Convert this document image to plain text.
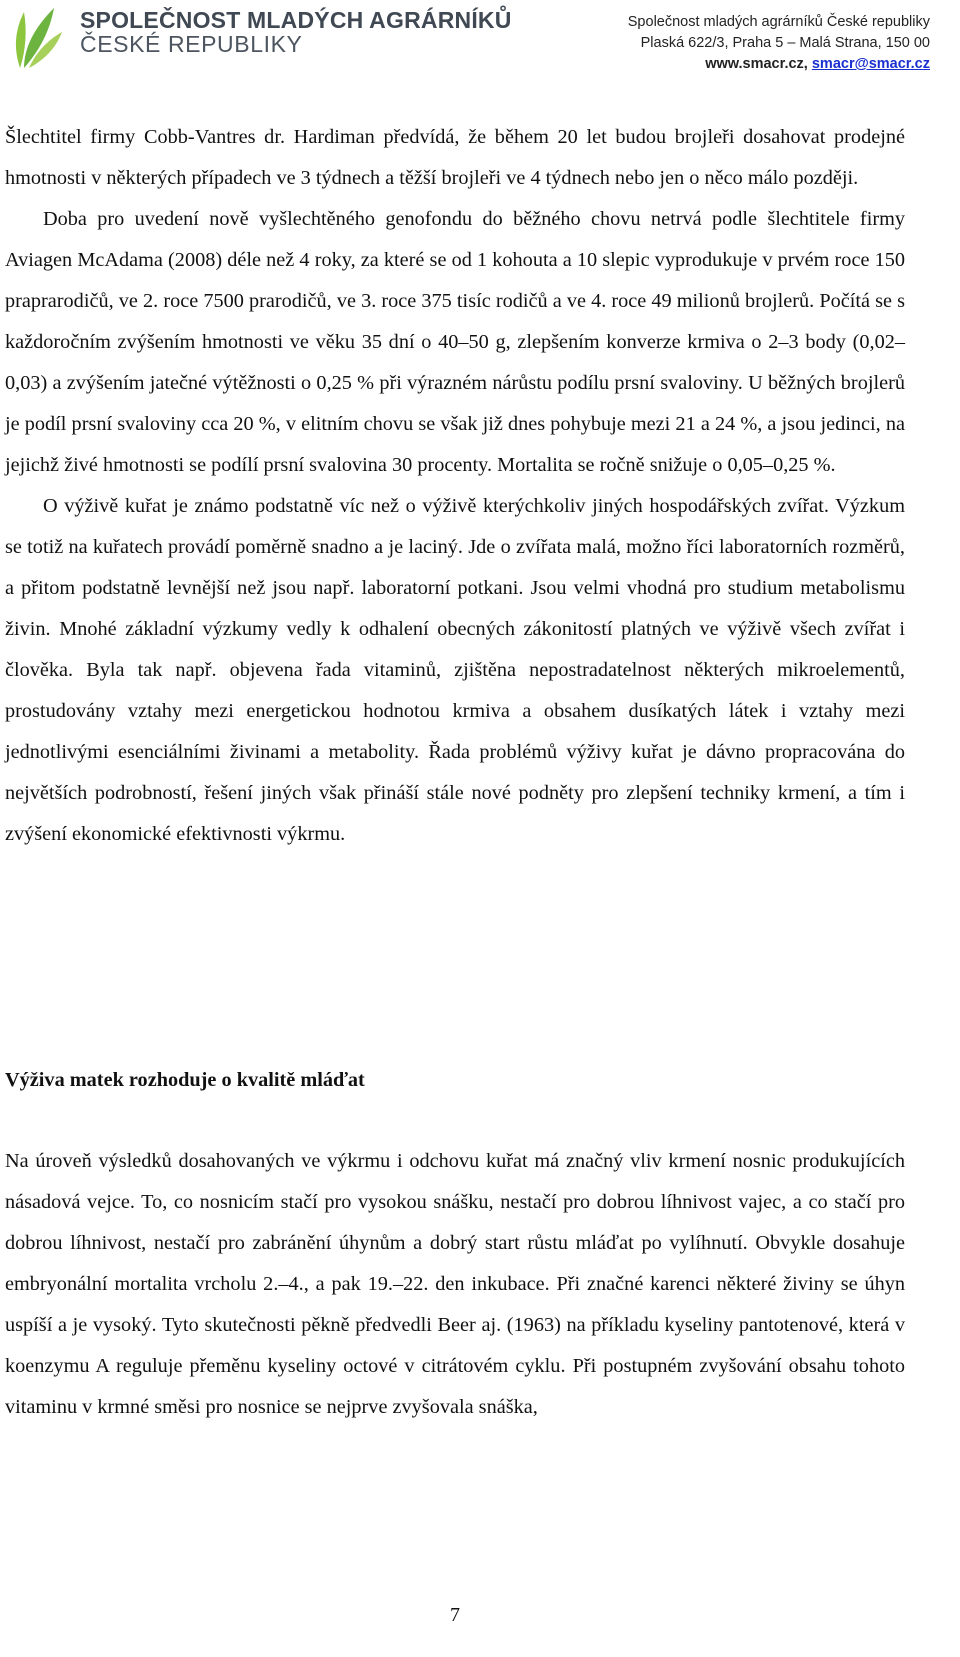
SPOLEČNOST MLADÝCH AGRÁRNÍKŮ
ČESKÉ REPUBLIKY
Společnost mladých agrárníků České republiky
Plaská 622/3, Praha 5 – Malá Strana, 150 00
www.smacr.cz, smacr@smacr.cz

Šlechtitel firmy Cobb-Vantres dr. Hardiman předvídá, že během 20 let budou brojleři dosahovat prodejné hmotnosti v některých případech ve 3 týdnech a těžší brojleři ve 4 týdnech nebo jen o něco málo později.

Doba pro uvedení nově vyšlechtěného genofondu do běžného chovu netrvá podle šlechtitele firmy Aviagen McAdama (2008) déle než 4 roky, za které se od 1 kohouta a 10 slepic vyprodukuje v prvém roce 150 praprarodičů, ve 2. roce 7500 prarodičů, ve 3. roce 375 tisíc rodičů a ve 4. roce 49 milionů brojlerů. Počítá se s každoročním zvýšením hmotnosti ve věku 35 dní o 40–50 g, zlepšením konverze krmiva o 2–3 body (0,02–0,03) a zvýšením jatečné výtěžnosti o 0,25 % při výrazném nárůstu podílu prsní svaloviny. U běžných brojlerů je podíl prsní svaloviny cca 20 %, v elitním chovu se však již dnes pohybuje mezi 21 a 24 %, a jsou jedinci, na jejichž živé hmotnosti se podílí prsní svalovina 30 procenty. Mortalita se ročně snižuje o 0,05–0,25 %.

O výživě kuřat je známo podstatně víc než o výživě kterýchkoliv jiných hospodářských zvířat. Výzkum se totiž na kuřatech provádí poměrně snadno a je laciný. Jde o zvířata malá, možno říci laboratorních rozměrů, a přitom podstatně levnější než jsou např. laboratorní potkani. Jsou velmi vhodná pro studium metabolismu živin. Mnohé základní výzkumy vedly k odhalení obecných zákonitostí platných ve výživě všech zvířat i člověka. Byla tak např. objevena řada vitaminů, zjištěna nepostradatelnost některých mikroelementů, prostudovány vztahy mezi energetickou hodnotou krmiva a obsahem dusíkatých látek i vztahy mezi jednotlivými esenciálními živinami a metabolity. Řada problémů výživy kuřat je dávno propracována do největších podrobností, řešení jiných však přináší stále nové podněty pro zlepšení techniky krmení, a tím i zvýšení ekonomické efektivnosti výkrmu.

Výživa matek rozhoduje o kvalitě mláďat

Na úroveň výsledků dosahovaných ve výkrmu i odchovu kuřat má značný vliv krmení nosnic produkujících násadová vejce. To, co nosnicím stačí pro vysokou snášku, nestačí pro dobrou líhnivost vajec, a co stačí pro dobrou líhnivost, nestačí pro zabránění úhynům a dobrý start růstu mláďat po vylíhnutí. Obvykle dosahuje embryonální mortalita vrcholu 2.–4., a pak 19.–22. den inkubace. Při značné karenci některé živiny se úhyn uspíší a je vysoký. Tyto skutečnosti pěkně předvedli Beer aj. (1963) na příkladu kyseliny pantotenové, která v koenzymu A reguluje přeměnu kyseliny octové v citrátovém cyklu. Při postupném zvyšování obsahu tohoto vitaminu v krmné směsi pro nosnice se nejprve zvyšovala snáška,

7
